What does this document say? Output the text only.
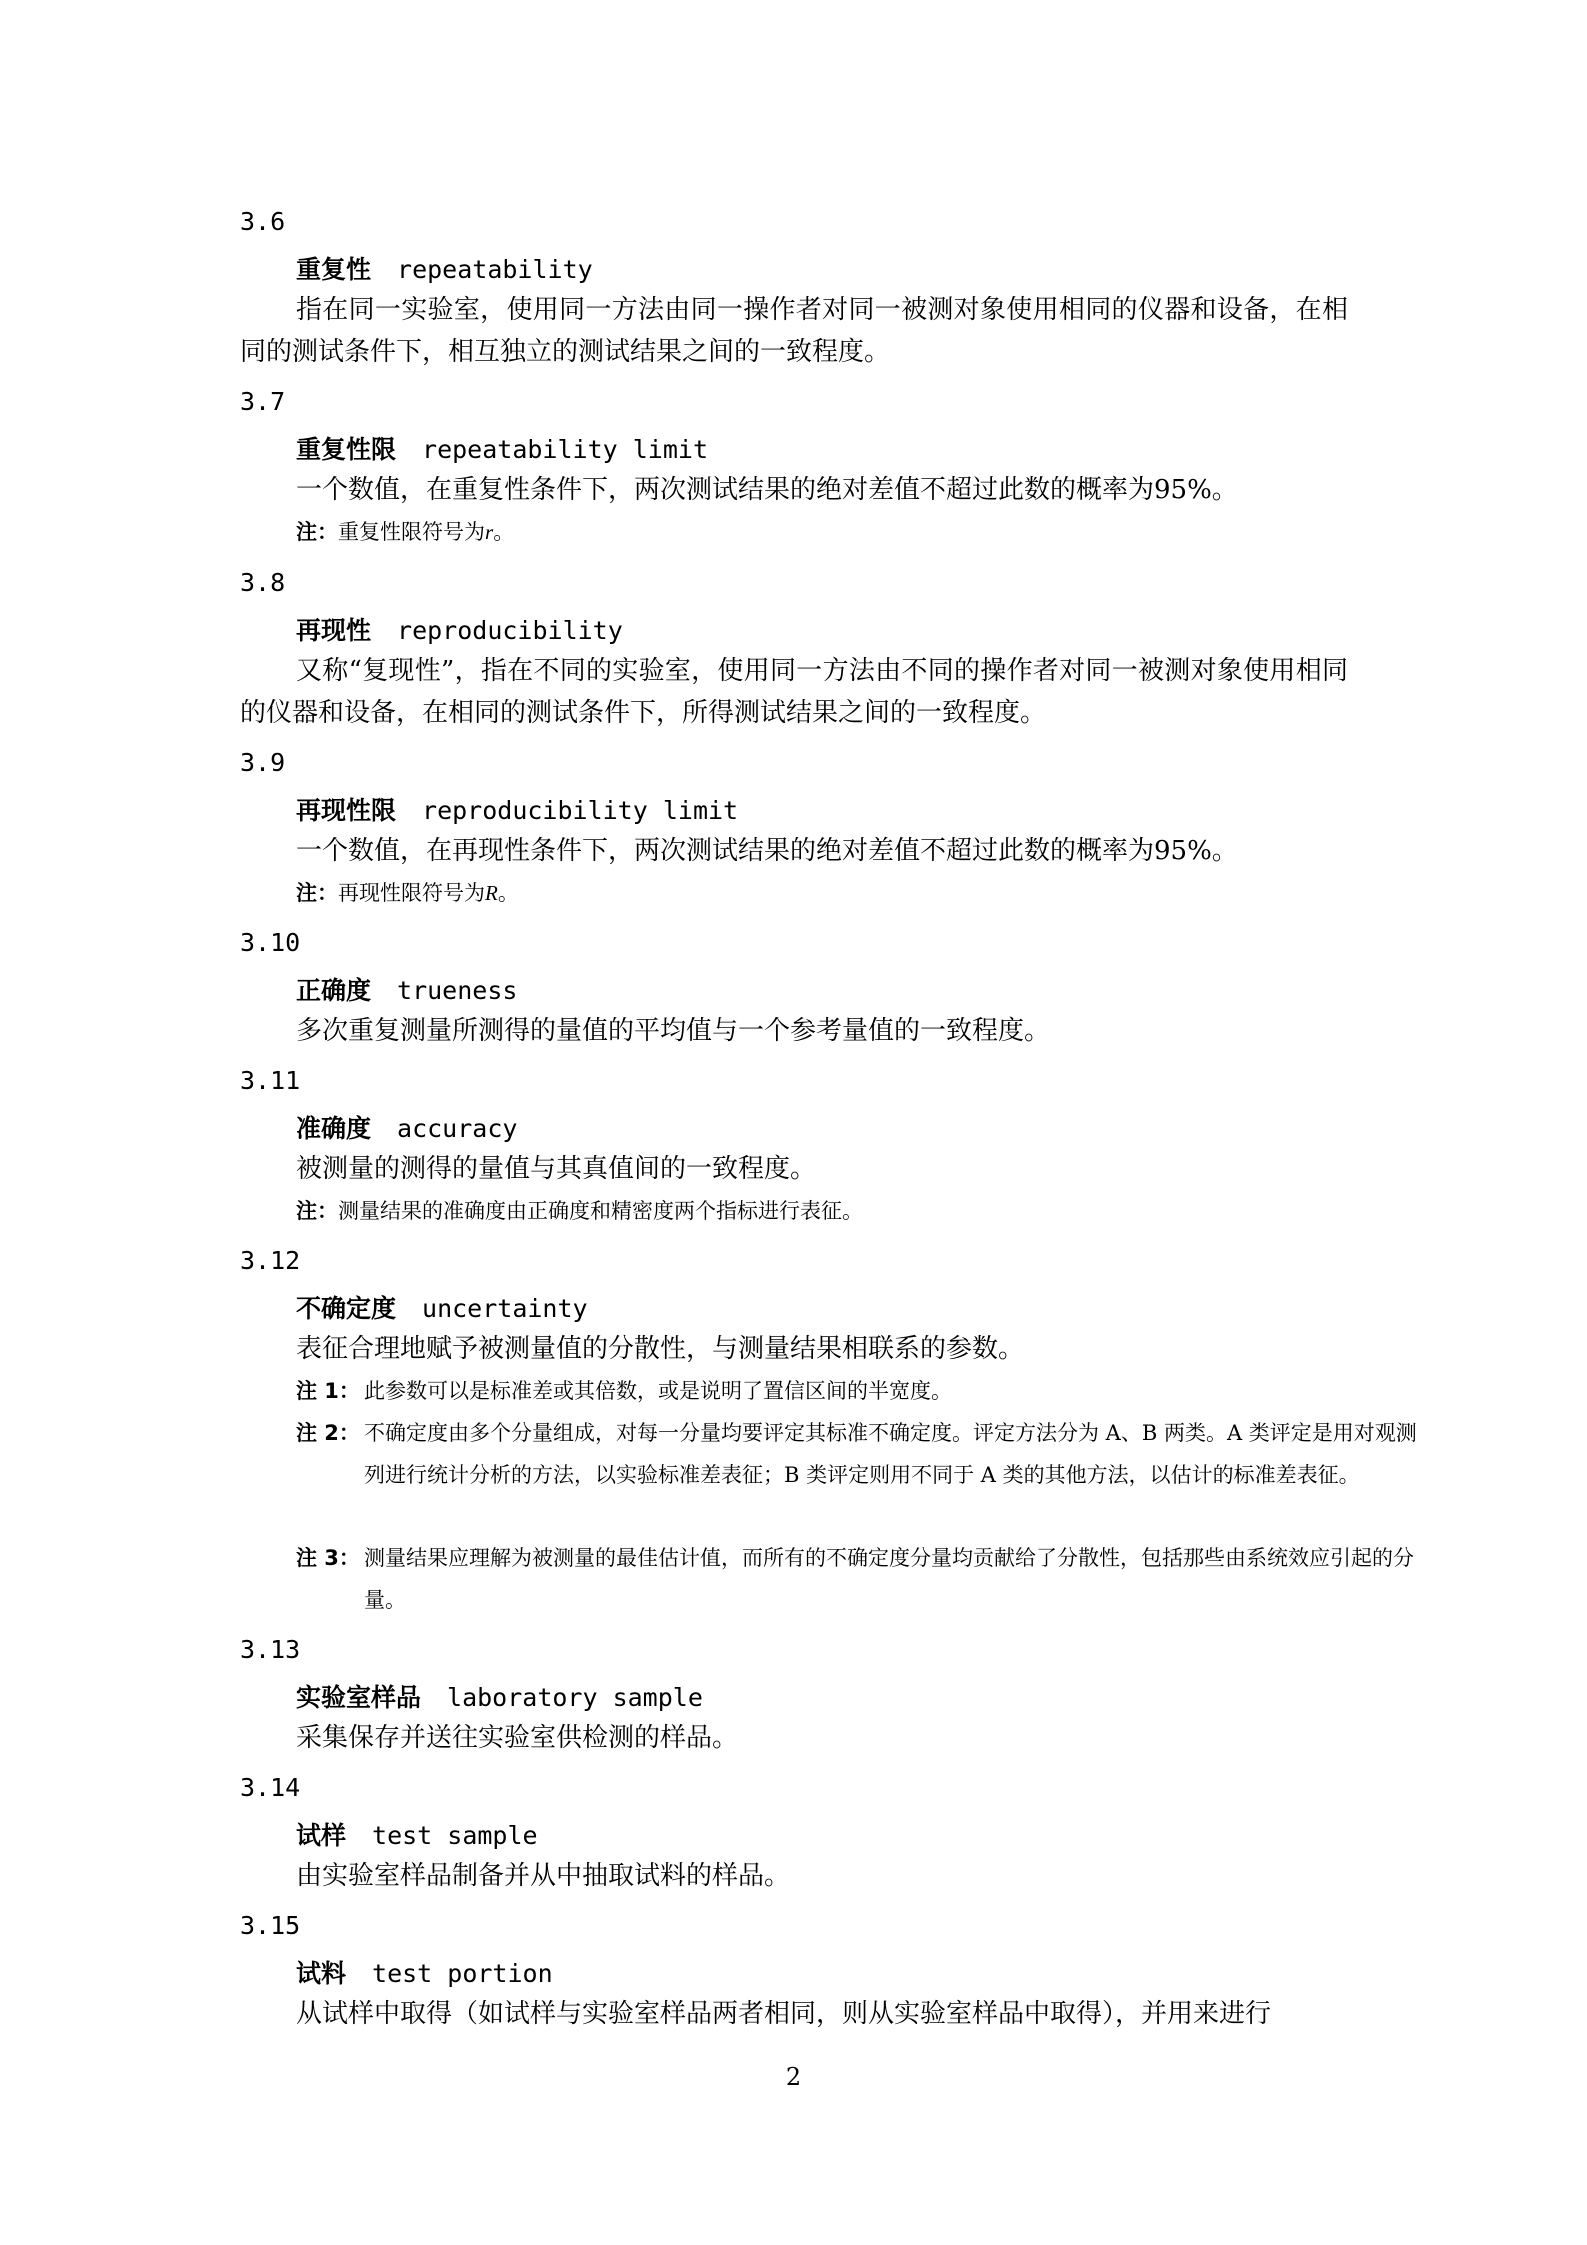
3.6
重复性 repeatability

指在同一实验室，使用同一方法由同一操作者对同一被测对象使用相同的仪器和设备，在相同的测试条件下，相互独立的测试结果之间的一致程度。

3.7
重复性限 repeatability limit

一个数值，在重复性条件下，两次测试结果的绝对差值不超过此数的概率为95%。

注：重复性限符号为r。
3.8
再现性 reproducibility

又称“复现性”，指在不同的实验室，使用同一方法由不同的操作者对同一被测对象使用相同的仪器和设备，在相同的测试条件下，所得测试结果之间的一致程度。

3.9
再现性限 reproducibility limit

一个数值，在再现性条件下，两次测试结果的绝对差值不超过此数的概率为95%。

注：再现性限符号为R。
3.10
正确度 trueness

多次重复测量所测得的量值的平均值与一个参考量值的一致程度。

3.11
准确度 accuracy

被测量的测得的量值与其真值间的一致程度。

注：测量结果的准确度由正确度和精密度两个指标进行表征。
3.12
不确定度 uncertainty

表征合理地赋予被测量值的分散性，与测量结果相联系的参数。

注 1： 此参数可以是标准差或其倍数，或是说明了置信区间的半宽度。
注 2： 不确定度由多个分量组成，对每一分量均要评定其标准不确定度。评定方法分为 A、B 两类。A 类评定是用对观测列进行统计分析的方法，以实验标准差表征；B 类评定则用不同于 A 类的其他方法，以估计的标准差表征。
注 3： 测量结果应理解为被测量的最佳估计值，而所有的不确定度分量均贡献给了分散性，包括那些由系统效应引起的分量。
3.13
实验室样品 laboratory sample

采集保存并送往实验室供检测的样品。

3.14
试样 test sample

由实验室样品制备并从中抽取试料的样品。

3.15
试料 test portion

从试样中取得（如试样与实验室样品两者相同，则从实验室样品中取得），并用来进行

2
